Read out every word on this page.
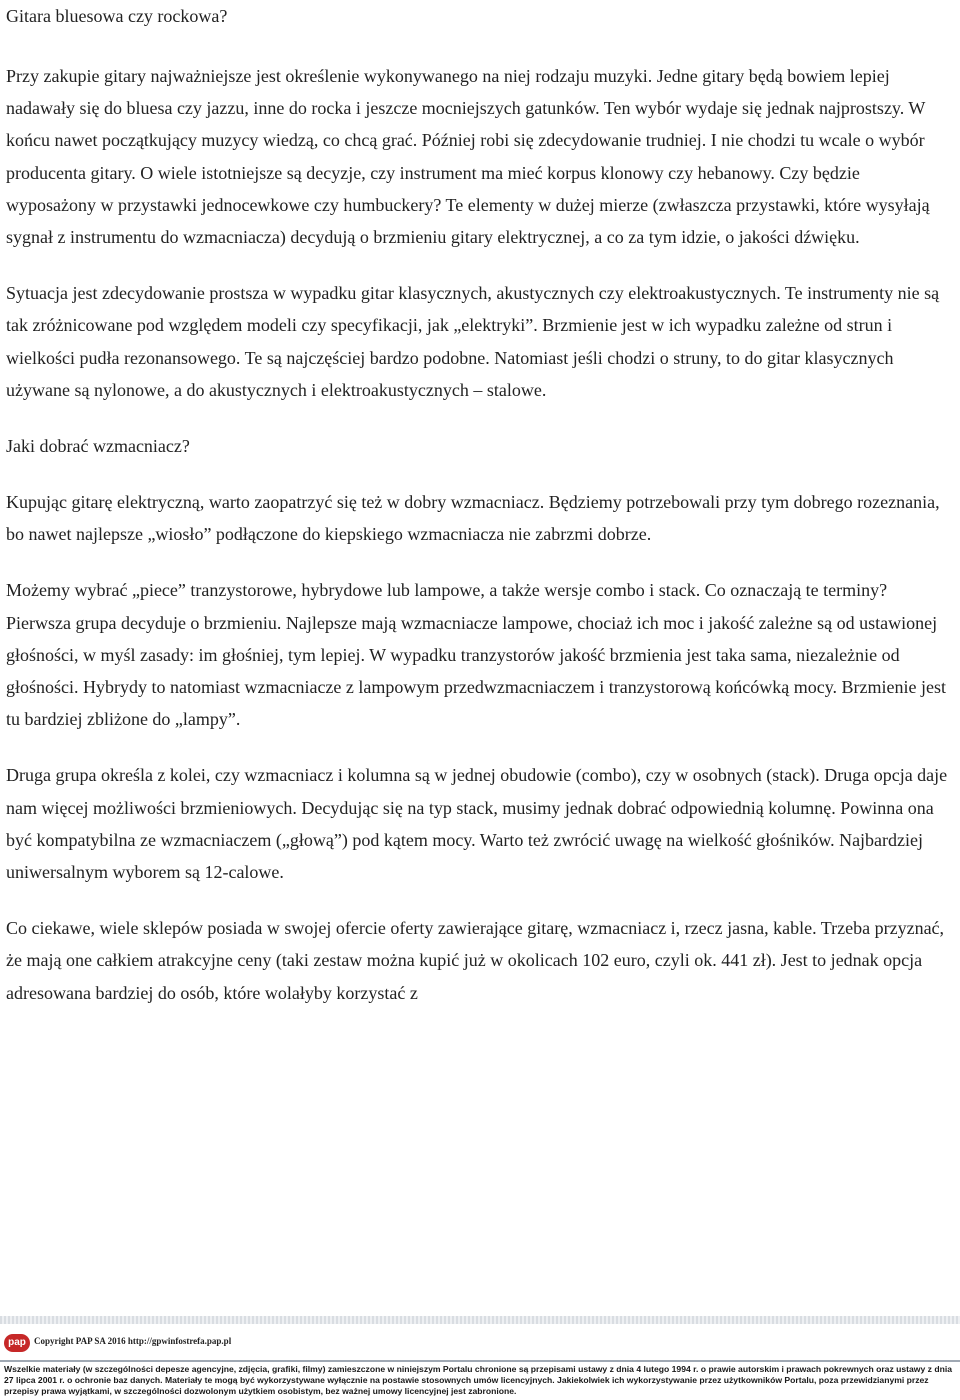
Gitara bluesowa czy rockowa?

Przy zakupie gitary najważniejsze jest określenie wykonywanego na niej rodzaju muzyki. Jedne gitary będą bowiem lepiej nadawały się do bluesa czy jazzu, inne do rocka i jeszcze mocniejszych gatunków. Ten wybór wydaje się jednak najprostszy. W końcu nawet początkujący muzycy wiedzą, co chcą grać. Później robi się zdecydowanie trudniej. I nie chodzi tu wcale o wybór producenta gitary. O wiele istotniejsze są decyzje, czy instrument ma mieć korpus klonowy czy hebanowy. Czy będzie wyposażony w przystawki jednocewkowe czy humbuckery? Te elementy w dużej mierze (zwłaszcza przystawki, które wysyłają sygnał z instrumentu do wzmacniacza) decydują o brzmieniu gitary elektrycznej, a co za tym idzie, o jakości dźwięku.

Sytuacja jest zdecydowanie prostsza w wypadku gitar klasycznych, akustycznych czy elektroakustycznych. Te instrumenty nie są tak zróżnicowane pod względem modeli czy specyfikacji, jak „elektryki”. Brzmienie jest w ich wypadku zależne od strun i wielkości pudła rezonansowego. Te są najczęściej bardzo podobne. Natomiast jeśli chodzi o struny, to do gitar klasycznych używane są nylonowe, a do akustycznych i elektroakustycznych – stalowe.

Jaki dobrać wzmacniacz?

Kupując gitarę elektryczną, warto zaopatrzyć się też w dobry wzmacniacz. Będziemy potrzebowali przy tym dobrego rozeznania, bo nawet najlepsze „wiosło” podłączone do kiepskiego wzmacniacza nie zabrzmi dobrze.

Możemy wybrać „piece” tranzystorowe, hybrydowe lub lampowe, a także wersje combo i stack. Co oznaczają te terminy? Pierwsza grupa decyduje o brzmieniu. Najlepsze mają wzmacniacze lampowe, chociaż ich moc i jakość zależne są od ustawionej głośności, w myśl zasady: im głośniej, tym lepiej. W wypadku tranzystorów jakość brzmienia jest taka sama, niezależnie od głośności. Hybrydy to natomiast wzmacniacze z lampowym przedwzmacniaczem i tranzystorową końcówką mocy. Brzmienie jest tu bardziej zbliżone do „lampy”.

Druga grupa określa z kolei, czy wzmacniacz i kolumna są w jednej obudowie (combo), czy w osobnych (stack). Druga opcja daje nam więcej możliwości brzmieniowych. Decydując się na typ stack, musimy jednak dobrać odpowiednią kolumnę. Powinna ona być kompatybilna ze wzmacniaczem („głową”) pod kątem mocy. Warto też zwrócić uwagę na wielkość głośników. Najbardziej uniwersalnym wyborem są 12-calowe.

Co ciekawe, wiele sklepów posiada w swojej ofercie oferty zawierające gitarę, wzmacniacz i, rzecz jasna, kable. Trzeba przyznać, że mają one całkiem atrakcyjne ceny (taki zestaw można kupić już w okolicach 102 euro, czyli ok. 441 zł). Jest to jednak opcja adresowana bardziej do osób, które wolałyby korzystać z

pap Copyright PAP SA 2016 http://gpwinfostrefa.pap.pl
Wszelkie materiały (w szczególności depesze agencyjne, zdjęcia, grafiki, filmy) zamieszczone w niniejszym Portalu chronione są przepisami ustawy z dnia 4 lutego 1994 r. o prawie autorskim i prawach pokrewnych oraz ustawy z dnia
27 lipca 2001 r. o ochronie baz danych. Materiały te mogą być wykorzystywane wyłącznie na postawie stosownych umów licencyjnych. Jakiekolwiek ich wykorzystywanie przez użytkowników Portalu, poza przewidzianymi przez
przepisy prawa wyjątkami, w szczególności dozwolonym użytkiem osobistym, bez ważnej umowy licencyjnej jest zabronione.
